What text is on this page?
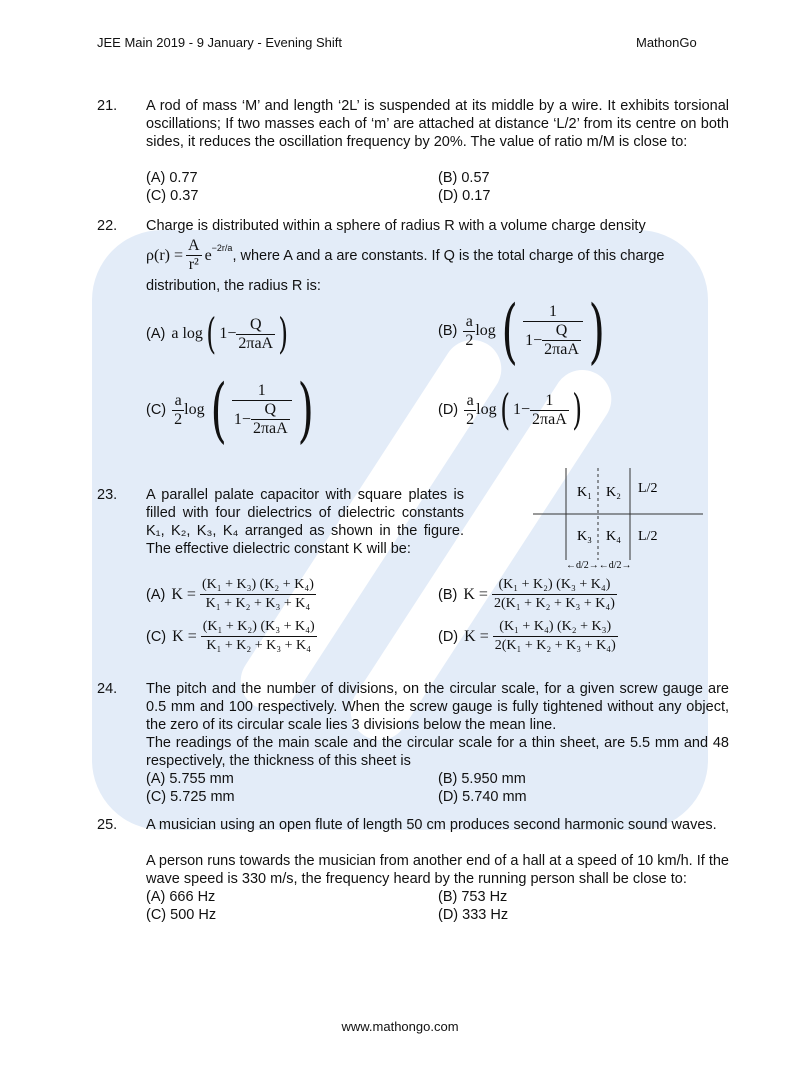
JEE Main 2019 - 9 January - Evening Shift	MathonGo
21.	A rod of mass ‘M’ and length ‘2L’ is suspended at its middle by a wire. It exhibits torsional oscillations; If two masses each of ‘m’ are attached at distance ‘L/2’ from its centre on both sides, it reduces the oscillation frequency by 20%. The value of ratio m/M is close to:
(A) 0.77	(B) 0.57
(C) 0.37	(D) 0.17
22.	Charge is distributed within a sphere of radius R with a volume charge density
$\rho(r) = \frac{A}{\text{r²}} e^{-2r/a}$ , where A and a are constants. If Q is the total charge of this charge
distribution, the radius R is:
(A) a
log ( $1 - \frac{Q}{\text{2πaA}}$ )	$(B) \frac{a}{2}$ log ( $\frac{1}{1 - \frac{Q}{\text{2πaA}}}$ )
$(C) \frac{a}{2}$ log ( $\frac{1}{1 - \frac{Q}{\text{2πaA}}}$ )	$(D) \frac{a}{2}$ log ( $1 - \frac{1}{\text{2πaA}}$ )
23.	A parallel palate capacitor with square plates is filled with four dielectrics of dielectric constants K₁, K₂, K₃, K₄ arranged as shown in the figure. The effective dielectric constant K will be:
(A) K =
$\frac{\text{(K₁ + K₃) (K₂ + K₄)}}{\text{K₁ + K₂ + K₃ + K₄}}$	(B) K =
$\frac{\text{(K₁ + K₂) (K₃ + K₄)}}{\text{2(K₁ + K₂ + K₃ + K₄)}}$
(C) K =
$\frac{\text{(K₁ + K₂) (K₃ + K₄)}}{\text{K₁ + K₂ + K₃ + K₄}}$	(D) K =
$\frac{\text{(K₁ + K₄) (K₂ + K₃)}}{\text{2(K₁ + K₂ + K₃ + K₄)}}$
K₁ K₂
K₃ K₄
L/2
L/2
←d/2→←d/2→
24.	The pitch and the number of divisions, on the circular scale, for a given screw gauge are 0.5 mm and 100 respectively. When the screw gauge is fully tightened without any object, the zero of its circular scale lies 3 divisions below the mean line.
The readings of the main scale and the circular scale for a thin sheet, are 5.5 mm and 48 respectively, the thickness of this sheet is
(A) 5.755 mm	(B) 5.950 mm
(C) 5.725 mm	(D) 5.740 mm
25.	A musician using an open flute of length 50 cm produces second harmonic sound waves.
A person runs towards the musician from another end of a hall at a speed of 10 km/h. If the wave speed is 330 m/s, the frequency heard by the running person shall be close to:
(A) 666 Hz	(B) 753 Hz
(C) 500 Hz	(D) 333 Hz
www.mathongo.com
